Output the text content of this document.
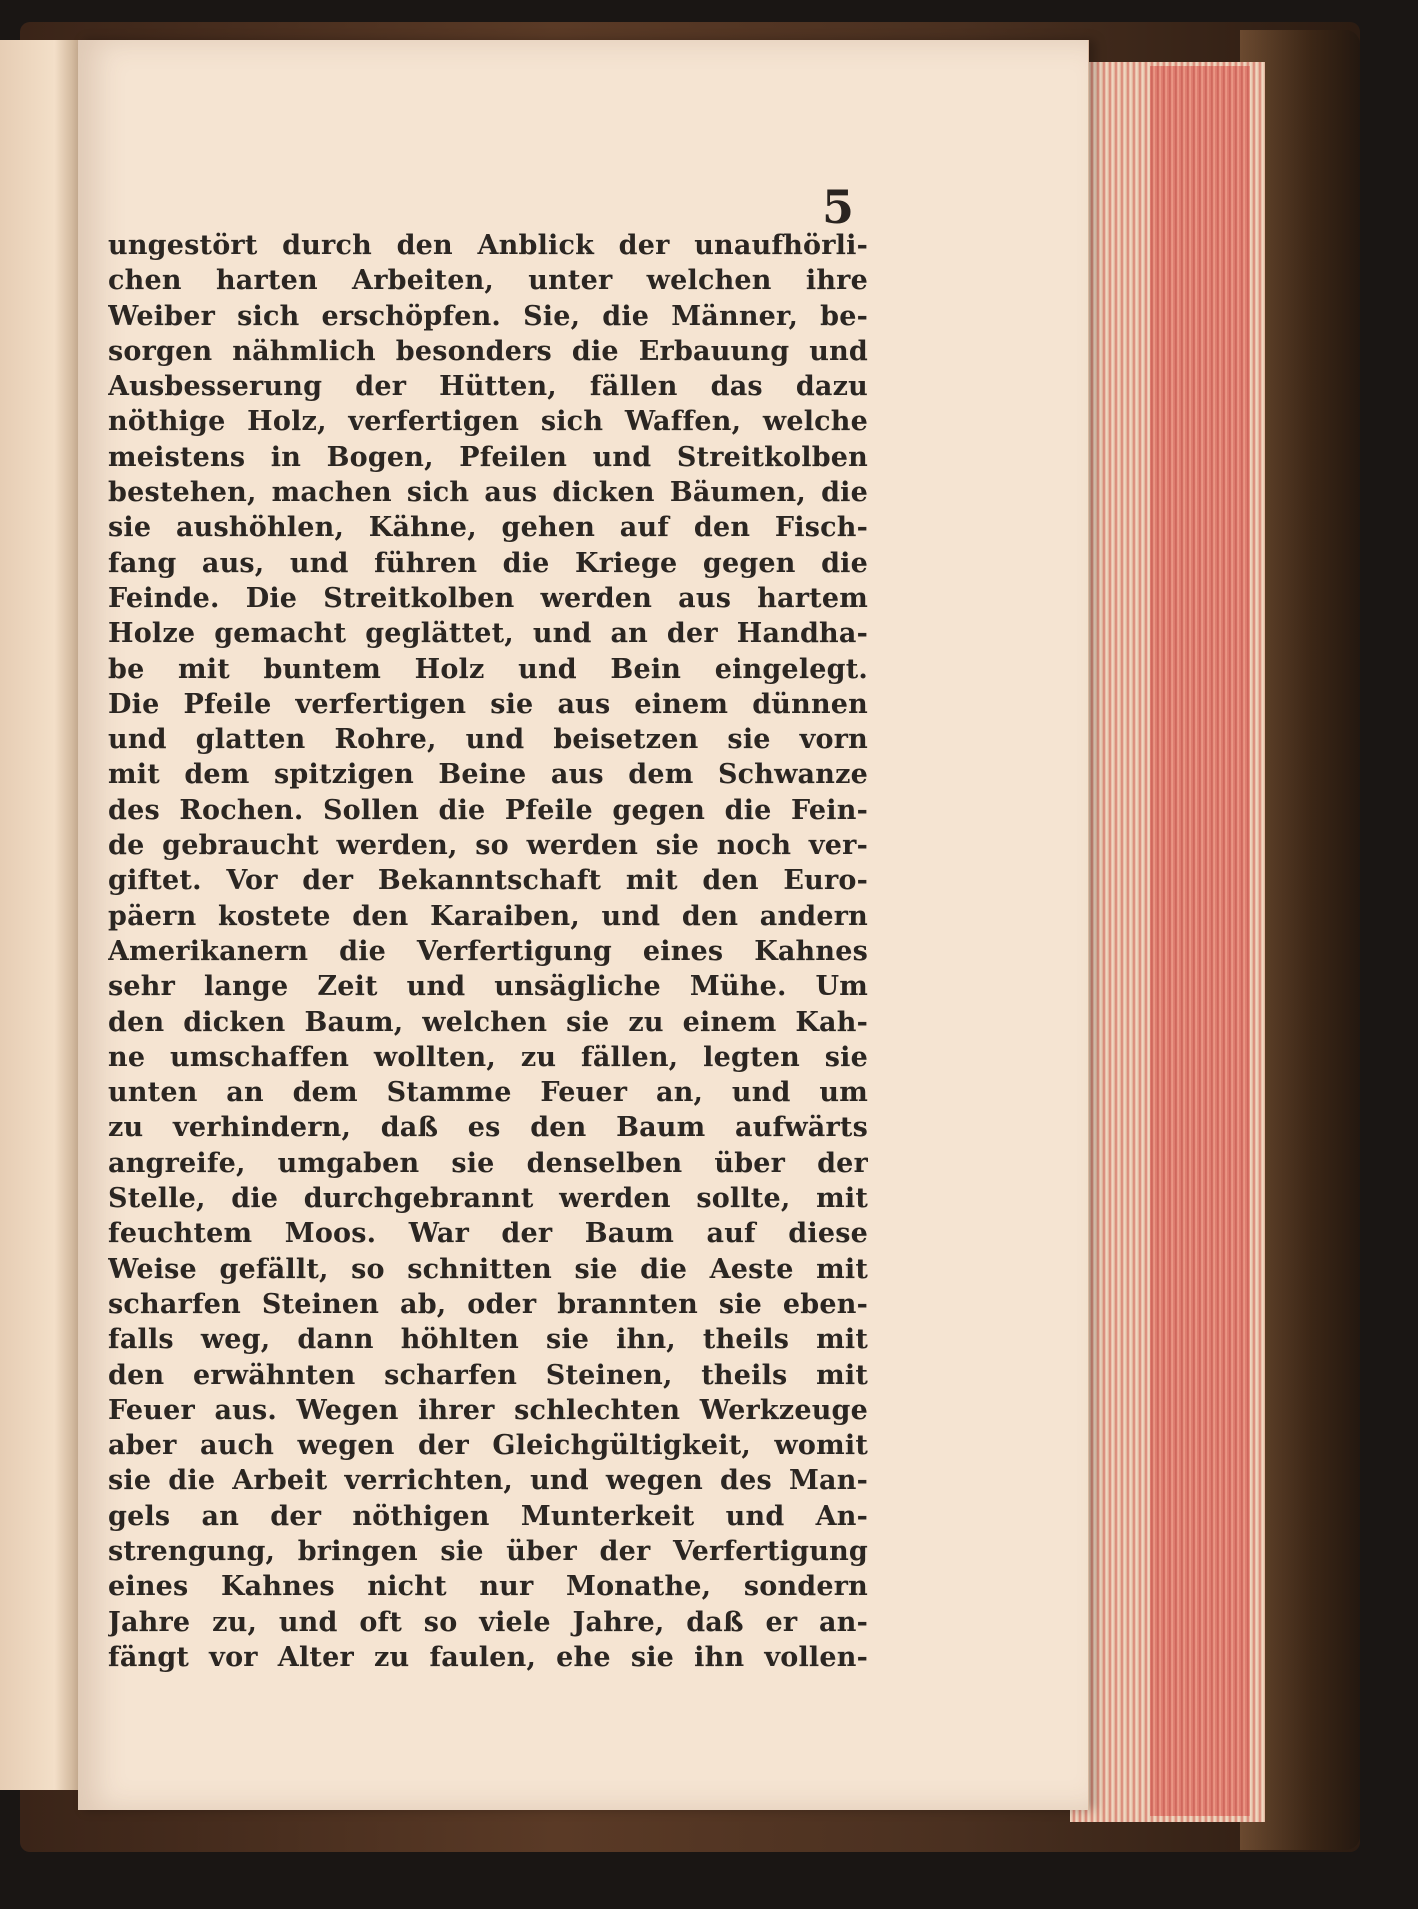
5
ungestört durch den Anblick der unaufhörli-
chen harten Arbeiten, unter welchen ihre
Weiber sich erschöpfen. Sie, die Männer, be-
sorgen nähmlich besonders die Erbauung und
Ausbesserung der Hütten, fällen das dazu
nöthige Holz, verfertigen sich Waffen, welche
meistens in Bogen, Pfeilen und Streitkolben
bestehen, machen sich aus dicken Bäumen, die
sie aushöhlen, Kähne, gehen auf den Fisch-
fang aus, und führen die Kriege gegen die
Feinde. Die Streitkolben werden aus hartem
Holze gemacht geglättet, und an der Handha-
be mit buntem Holz und Bein eingelegt.
Die Pfeile verfertigen sie aus einem dünnen
und glatten Rohre, und beisetzen sie vorn
mit dem spitzigen Beine aus dem Schwanze
des Rochen. Sollen die Pfeile gegen die Fein-
de gebraucht werden, so werden sie noch ver-
giftet. Vor der Bekanntschaft mit den Euro-
päern kostete den Karaiben, und den andern
Amerikanern die Verfertigung eines Kahnes
sehr lange Zeit und unsägliche Mühe. Um
den dicken Baum, welchen sie zu einem Kah-
ne umschaffen wollten, zu fällen, legten sie
unten an dem Stamme Feuer an, und um
zu verhindern, daß es den Baum aufwärts
angreife, umgaben sie denselben über der
Stelle, die durchgebrannt werden sollte, mit
feuchtem Moos. War der Baum auf diese
Weise gefällt, so schnitten sie die Aeste mit
scharfen Steinen ab, oder brannten sie eben-
falls weg, dann höhlten sie ihn, theils mit
den erwähnten scharfen Steinen, theils mit
Feuer aus. Wegen ihrer schlechten Werkzeuge
aber auch wegen der Gleichgültigkeit, womit
sie die Arbeit verrichten, und wegen des Man-
gels an der nöthigen Munterkeit und An-
strengung, bringen sie über der Verfertigung
eines Kahnes nicht nur Monathe, sondern
Jahre zu, und oft so viele Jahre, daß er an-
fängt vor Alter zu faulen, ehe sie ihn vollen-
